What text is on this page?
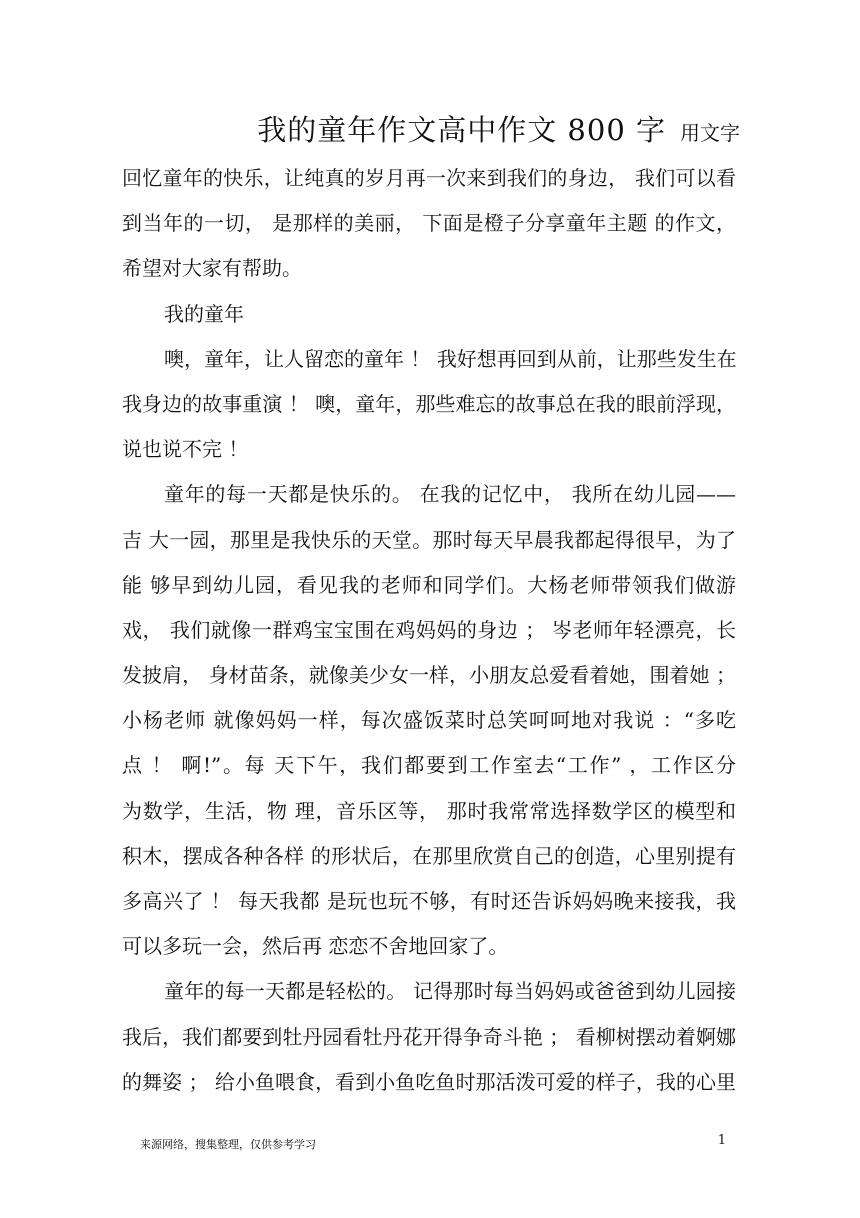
我的童年作文高中作文 800 字 用文字
回忆童年的快乐，让纯真的岁月再一次来到我们的身边， 我们可以看
到当年的一切， 是那样的美丽， 下面是橙子分享童年主题 的作文，
希望对大家有帮助。
我的童年
噢，童年，让人留恋的童年 ！ 我好想再回到从前，让那些发生在
我身边的故事重演 ！ 噢，童年，那些难忘的故事总在我的眼前浮现，
说也说不完 ！
童年的每一天都是快乐的。 在我的记忆中， 我所在幼儿园——
吉 大一园，那里是我快乐的天堂。那时每天早晨我都起得很早，为了
能 够早到幼儿园，看见我的老师和同学们。大杨老师带领我们做游
戏， 我们就像一群鸡宝宝围在鸡妈妈的身边 ； 岑老师年轻漂亮，长
发披肩， 身材苗条，就像美少女一样，小朋友总爱看着她，围着她 ；
小杨老师 就像妈妈一样，每次盛饭菜时总笑呵呵地对我说 ：“多吃
点 ！ 啊!”。每 天下午，我们都要到工作室去“工作” ，工作区分
为数学，生活，物 理，音乐区等， 那时我常常选择数学区的模型和
积木，摆成各种各样 的形状后，在那里欣赏自己的创造，心里别提有
多高兴了 ！ 每天我都 是玩也玩不够，有时还告诉妈妈晚来接我，我
可以多玩一会，然后再 恋恋不舍地回家了。
童年的每一天都是轻松的。 记得那时每当妈妈或爸爸到幼儿园接
我后，我们都要到牡丹园看牡丹花开得争奇斗艳 ； 看柳树摆动着婀娜
的舞姿 ； 给小鱼喂食，看到小鱼吃鱼时那活泼可爱的样子，我的心里
来源网络，搜集整理，仅供参考学习	1
